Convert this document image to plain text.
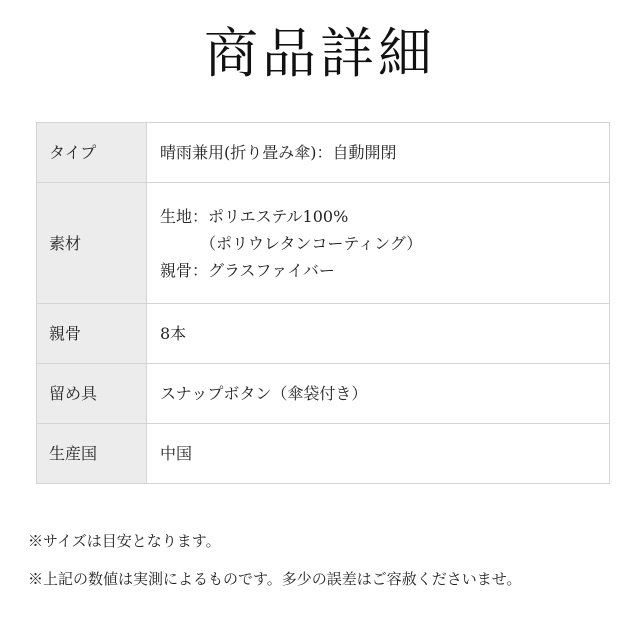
商品詳細
タイプ	晴雨兼用(折り畳み傘)：自動開閉

素材	生地：ポリエステル100%
（ポリウレタンコーティング）
親骨：グラスファイバー

親骨	8本

留め具	スナップボタン（傘袋付き）

生産国	中国
※サイズは目安となります。
※上記の数値は実測によるものです。多少の誤差はご容赦くださいませ。
